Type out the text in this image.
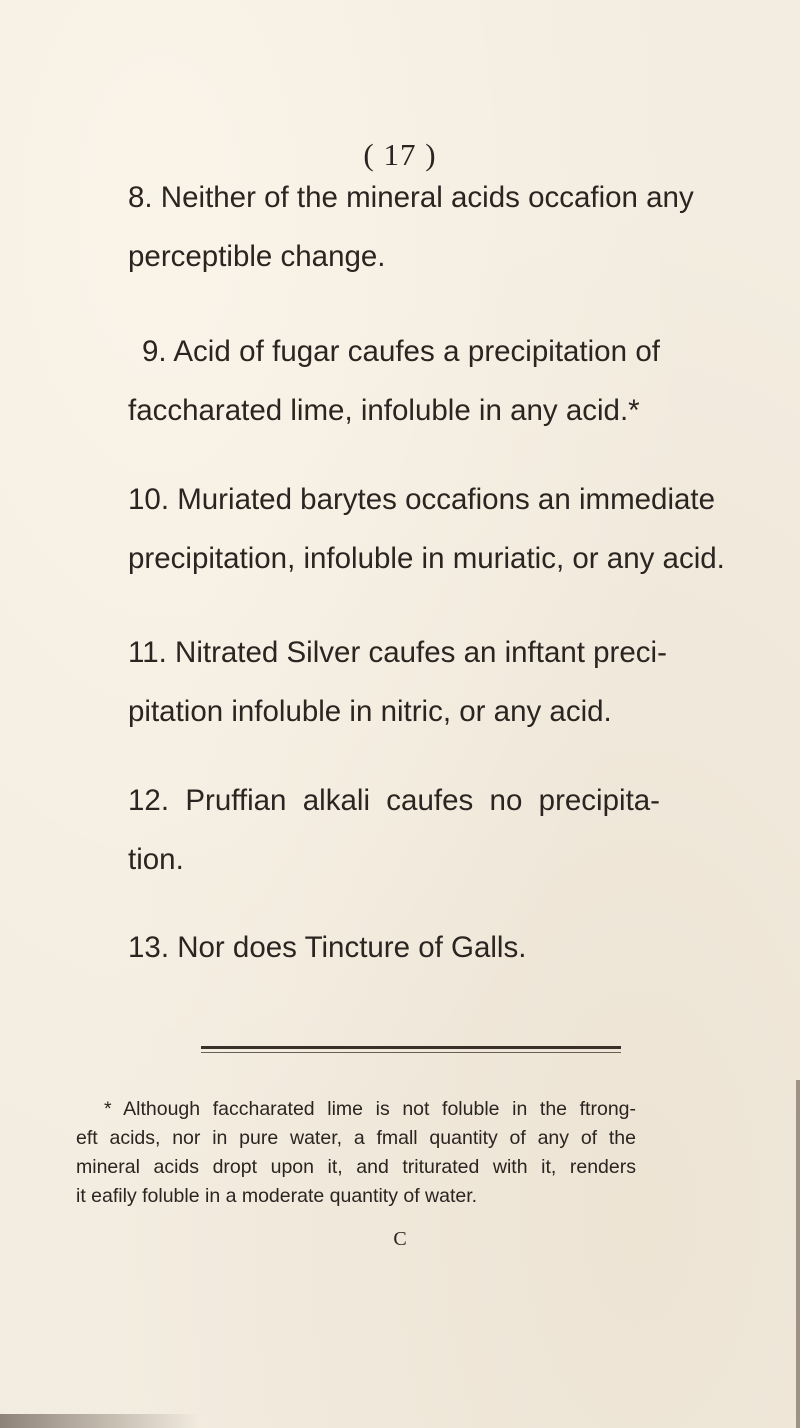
( 17 )
8. Neither of the mineral acids occafion any
perceptible change.
9. Acid of fugar caufes a precipitation of
faccharated lime, infoluble in any acid.*
10. Muriated barytes occafions an immediate
precipitation, infoluble in muriatic, or any acid.
11. Nitrated Silver caufes an inftant preci-
pitation infoluble in nitric, or any acid.
12. Pruffian alkali caufes no precipita-
tion.
13. Nor does Tincture of Galls.
* Although faccharated lime is not foluble in the ftrong-
eft acids, nor in pure water, a fmall quantity of any of the
mineral acids dropt upon it, and triturated with it, renders
it eafily foluble in a moderate quantity of water.
C
